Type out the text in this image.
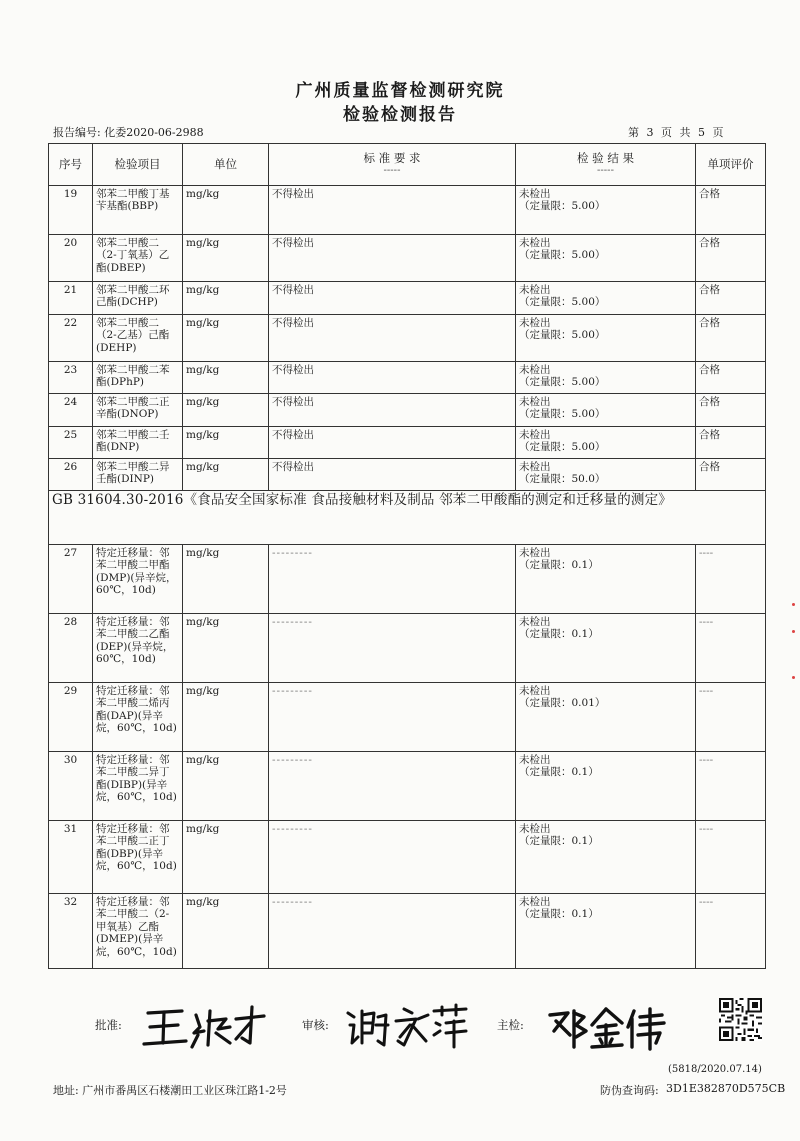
广州质量监督检测研究院
检验检测报告
报告编号: 化委2020-06-2988	第 3 页 共 5 页
序号	检验项目	单位	标 准 要 求
-----	检 验 结 果
-----	单项评价
19	邻苯二甲酸丁基苄基酯(BBP)	mg/kg	不得检出	未检出
（定量限：5.00）	合格
20	邻苯二甲酸二（2-丁氧基）乙酯(DBEP)	mg/kg	不得检出	未检出
（定量限：5.00）	合格
21	邻苯二甲酸二环己酯(DCHP)	mg/kg	不得检出	未检出
（定量限：5.00）	合格
22	邻苯二甲酸二（2-乙基）己酯(DEHP)	mg/kg	不得检出	未检出
（定量限：5.00）	合格
23	邻苯二甲酸二苯酯(DPhP)	mg/kg	不得检出	未检出
（定量限：5.00）	合格
24	邻苯二甲酸二正辛酯(DNOP)	mg/kg	不得检出	未检出
（定量限：5.00）	合格
25	邻苯二甲酸二壬酯(DNP)	mg/kg	不得检出	未检出
（定量限：5.00）	合格
26	邻苯二甲酸二异壬酯(DINP)	mg/kg	不得检出	未检出
（定量限：50.0）	合格
GB 31604.30-2016《食品安全国家标准 食品接触材料及制品 邻苯二甲酸酯的测定和迁移量的测定》					
27	特定迁移量：邻苯二甲酸二甲酯(DMP)(异辛烷，60℃，10d)	mg/kg	---------	未检出
（定量限：0.1）	----
28	特定迁移量：邻苯二甲酸二乙酯(DEP)(异辛烷，60℃，10d)	mg/kg	---------	未检出
（定量限：0.1）	----
29	特定迁移量：邻苯二甲酸二烯丙酯(DAP)(异辛烷，60℃，10d)	mg/kg	---------	未检出
（定量限：0.01）	----
30	特定迁移量：邻苯二甲酸二异丁酯(DIBP)(异辛烷，60℃，10d)	mg/kg	---------	未检出
（定量限：0.1）	----
31	特定迁移量：邻苯二甲酸二正丁酯(DBP)(异辛烷，60℃，10d)	mg/kg	---------	未检出
（定量限：0.1）	----
32	特定迁移量：邻苯二甲酸二（2-甲氧基）乙酯(DMEP)(异辛烷，60℃，10d)	mg/kg	---------	未检出
（定量限：0.1）	----
批准:	审核:	主检:
(5818/2020.07.14)
地址: 广州市番禺区石楼潮田工业区珠江路1-2号	防伪查询码: 3D1E382870D575CB
